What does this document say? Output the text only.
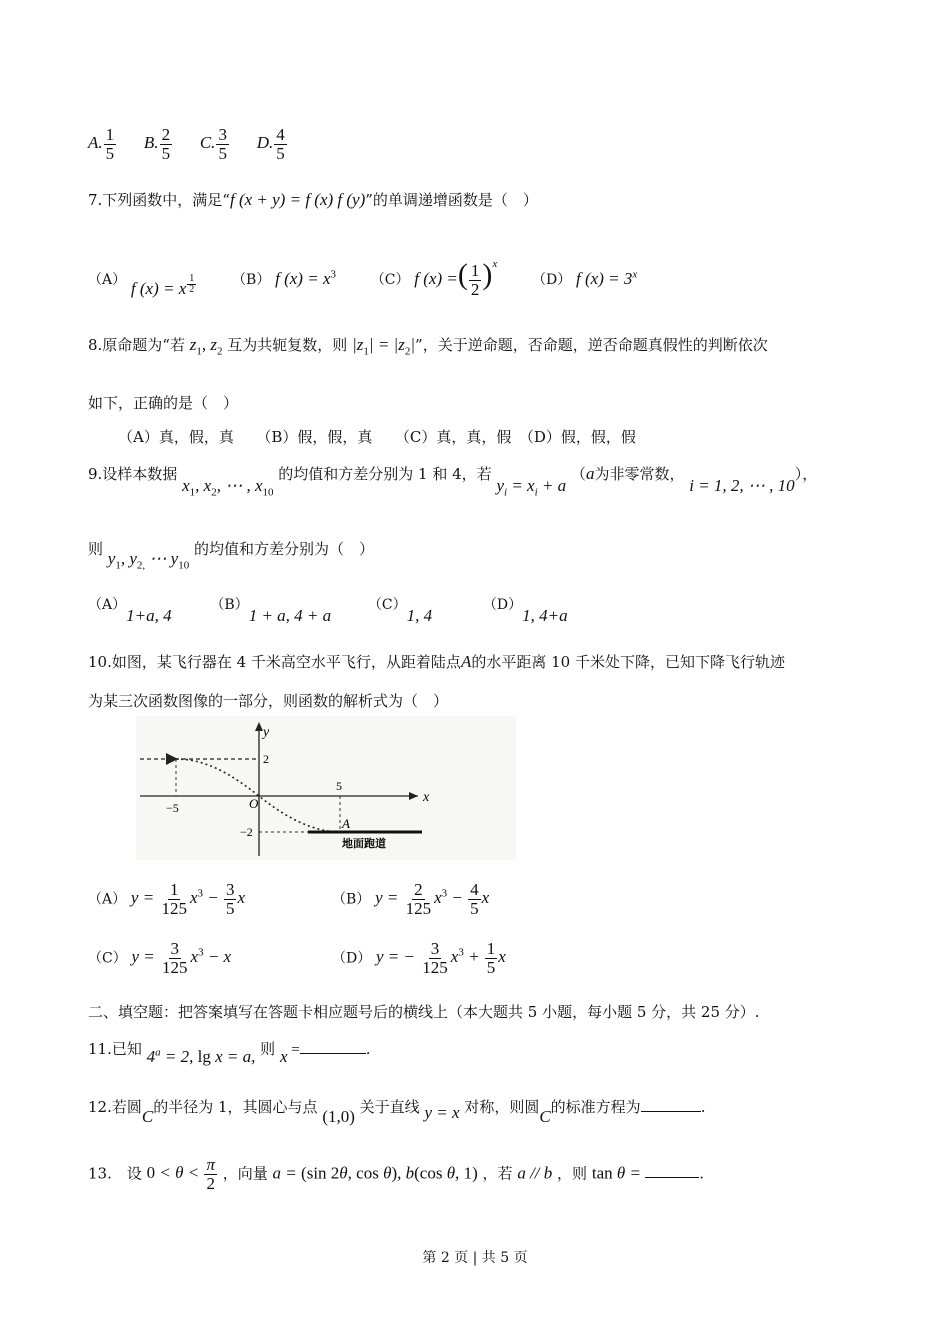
A. $\frac{1}{5} B$. $\frac{2}{5} C$. $\frac{3}{5} D$. $\frac{4}{5}$
7.下列函数中，满足“f (x + y) = f (x) f (y)”的单调递增函数是（　）
（A） f (x) = x $^{\frac{1}{2}}$	（B） f $(x) = x^3$ （C） f (x) =( $\frac{1}{2} )^x$ （D） f $(x) = 3^x$
8.原命题为“若 $z_1$, $z_2$ 互为共轭复数，则 $|z_1| = |z_2|$”，关于逆命题，否命题，逆否命题真假性的判断依次
如下，正确的是（　）
（A）真，假，真　　（B）假，假，真　　（C）真，真，假　（D）假，假，假
9.设样本数据 $x_1$, $x_2$, ⋯ , $x_{10}$ 的均值和方差分别为 1 和 4，若 $y_i = x_i + a$ （a为非零常数， i = 1, 2, ⋯ , 10），
则 $y_1$, $y_{2,}$ ⋯ $y_{10}$ 的均值和方差分别为（　）
（A）1+a, 4 （B）1 + a, 4 + a （C）1, 4 （D）1, 4+a
10.如图，某飞行器在 4 千米高空水平飞行，从距着陆点A的水平距离 10 千米处下降，已知下降飞行轨迹
为某三次函数图像的一部分，则函数的解析式为（　）
y
x
2
−2
−5
5
O
A
地面跑道
（A） $y = \frac{1}{125} x^3 - \frac{3}{5}$ x	（B） $y = \frac{2}{125} x^3 - \frac{4}{5}$ x
（C） $y = \frac{3}{125} x^3 - x$	（D） y = − $\frac{3}{125} x^3 + \frac{1}{5}$ x
二、填空题：把答案填写在答题卡相应题号后的横线上（本大题共 5 小题，每小题 5 分，共 25 分）.
11.已知 $4^a = 2$, lg x = a, 则 x =	.
12.若圆C的半径为 1，其圆心与点 (1,0) 关于直线 y = x 对称，则圆C的标准方程为	.
13.　设 $0 < \theta < \frac{\pi}{2}$ ，向量 a = (sin 2θ, cos θ), b(cos θ, 1) ，若 a // b ，则 tan θ =	.
第 2 页 | 共 5 页
